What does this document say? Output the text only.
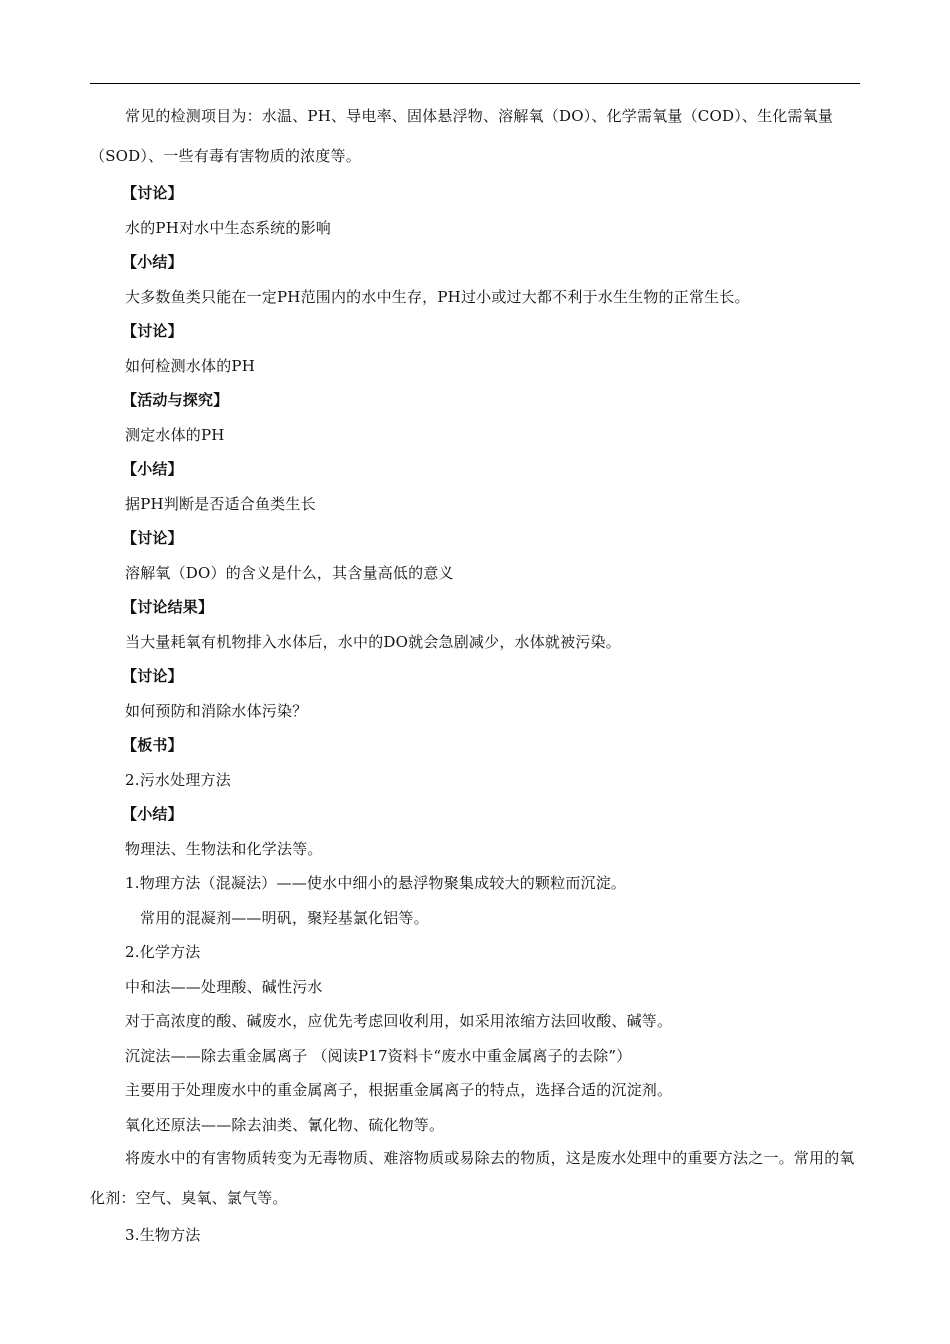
常见的检测项目为：水温、PH、导电率、固体悬浮物、溶解氧（DO）、化学需氧量（COD）、生化需氧量（SOD）、一些有毒有害物质的浓度等。
【讨论】
水的PH对水中生态系统的影响
【小结】
大多数鱼类只能在一定PH范围内的水中生存，PH过小或过大都不利于水生生物的正常生长。
【讨论】
如何检测水体的PH
【活动与探究】
测定水体的PH
【小结】
据PH判断是否适合鱼类生长
【讨论】
溶解氧（DO）的含义是什么，其含量高低的意义
【讨论结果】
当大量耗氧有机物排入水体后，水中的DO就会急剧减少，水体就被污染。
【讨论】
如何预防和消除水体污染？
【板书】
2.污水处理方法
【小结】
物理法、生物法和化学法等。
1.物理方法（混凝法）——使水中细小的悬浮物聚集成较大的颗粒而沉淀。
常用的混凝剂——明矾，聚羟基氯化铝等。
2.化学方法
中和法——处理酸、碱性污水
对于高浓度的酸、碱废水，应优先考虑回收利用，如采用浓缩方法回收酸、碱等。
沉淀法——除去重金属离子 （阅读P17资料卡“废水中重金属离子的去除”）
主要用于处理废水中的重金属离子，根据重金属离子的特点，选择合适的沉淀剂。
氧化还原法——除去油类、氰化物、硫化物等。
将废水中的有害物质转变为无毒物质、难溶物质或易除去的物质，这是废水处理中的重要方法之一。常用的氧化剂：空气、臭氧、氯气等。
3.生物方法
